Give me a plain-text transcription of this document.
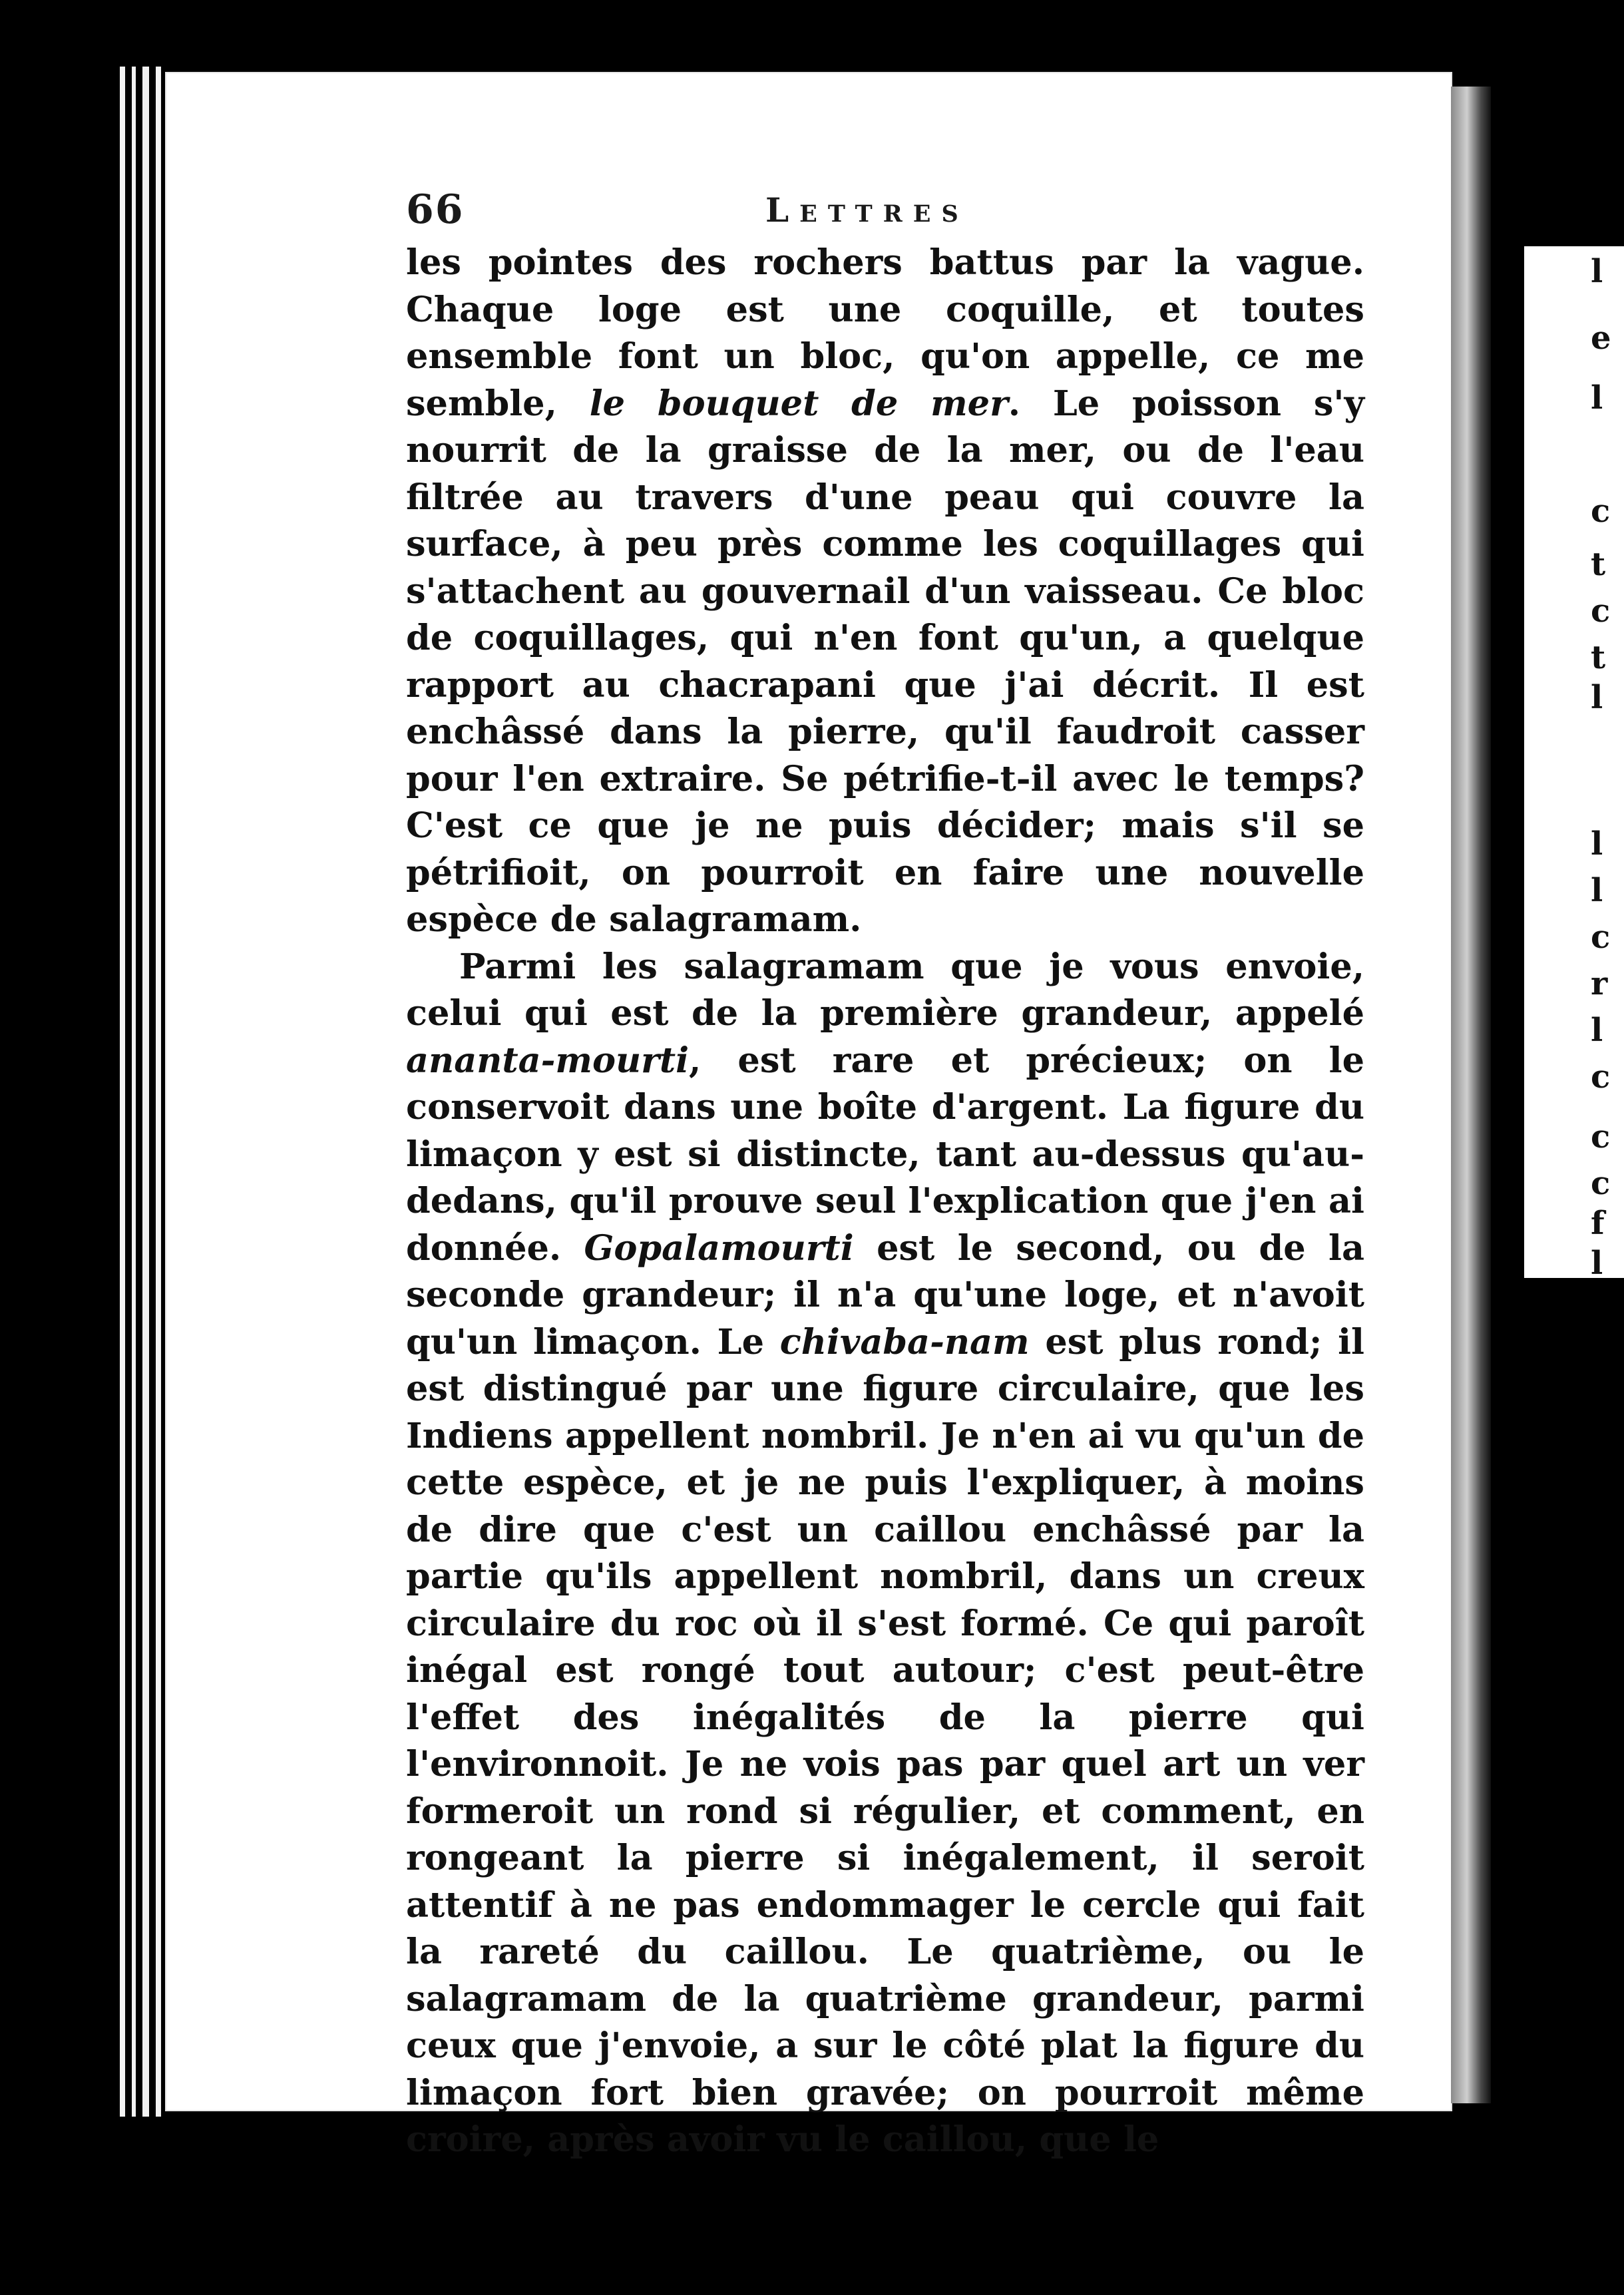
l
e
l
c
t
c
t
l
l
l
c
r
l
c
c
c
f
l
66	Lettres

les pointes des rochers battus par la vague. Chaque loge est une coquille, et toutes ensemble font un bloc, qu'on appelle, ce me semble, le bouquet de mer. Le poisson s'y nourrit de la graisse de la mer, ou de l'eau filtrée au travers d'une peau qui couvre la surface, à peu près comme les coquillages qui s'attachent au gouvernail d'un vaisseau. Ce bloc de coquillages, qui n'en font qu'un, a quelque rapport au chacrapani que j'ai décrit. Il est enchâssé dans la pierre, qu'il faudroit casser pour l'en extraire. Se pétrifie-t-il avec le temps? C'est ce que je ne puis décider; mais s'il se pétrifioit, on pourroit en faire une nouvelle espèce de salagramam.

Parmi les salagramam que je vous envoie, celui qui est de la première grandeur, appelé ananta-mourti, est rare et précieux; on le conservoit dans une boîte d'argent. La figure du limaçon y est si distincte, tant au-dessus qu'au-dedans, qu'il prouve seul l'explication que j'en ai donnée. Gopalamourti est le second, ou de la seconde grandeur; il n'a qu'une loge, et n'avoit qu'un limaçon. Le chivaba-nam est plus rond; il est distingué par une figure circulaire, que les Indiens appellent nombril. Je n'en ai vu qu'un de cette espèce, et je ne puis l'expliquer, à moins de dire que c'est un caillou enchâssé par la partie qu'ils appellent nombril, dans un creux circulaire du roc où il s'est formé. Ce qui paroît inégal est rongé tout autour; c'est peut-être l'effet des inégalités de la pierre qui l'environnoit. Je ne vois pas par quel art un ver formeroit un rond si régulier, et comment, en rongeant la pierre si inégalement, il seroit attentif à ne pas endommager le cercle qui fait la rareté du caillou. Le quatrième, ou le salagramam de la quatrième grandeur, parmi ceux que j'envoie, a sur le côté plat la figure du limaçon fort bien gravée; on pourroit même croire, après avoir vu le caillou, que le
